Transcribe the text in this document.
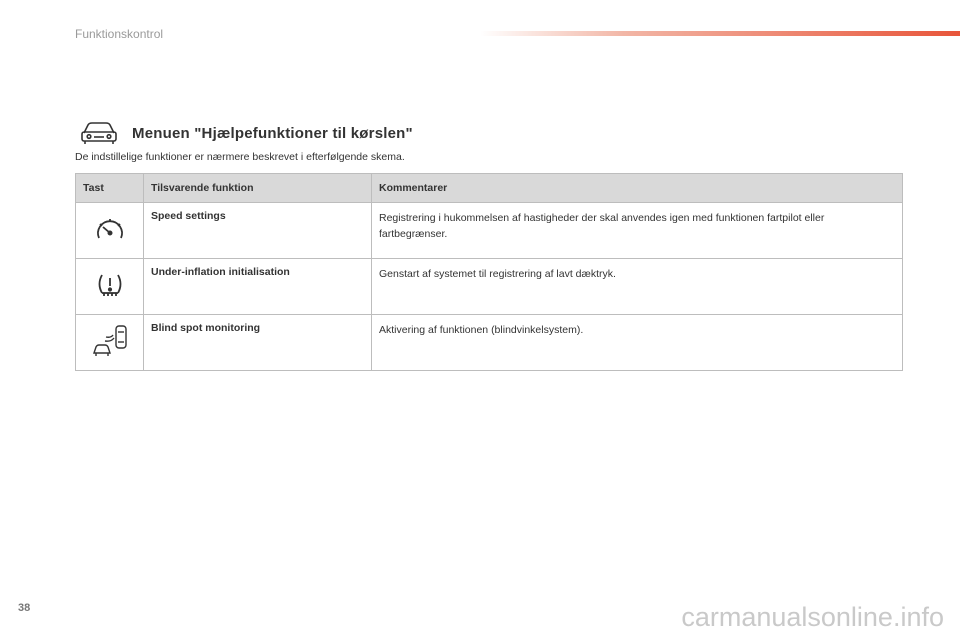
Funktionskontrol
Menuen "Hjælpefunktioner til kørslen"
De indstillelige funktioner er nærmere beskrevet i efterfølgende skema.
Tast	Tilsvarende funktion	Kommentarer
	Speed settings	Registrering i hukommelsen af hastigheder der skal anvendes igen med funktionen fartpilot eller fartbegrænser.
	Under-inflation initialisation	Genstart af systemet til registrering af lavt dæktryk.
	Blind spot monitoring	Aktivering af funktionen (blindvinkelsystem).
38	carmanualsonline.info
